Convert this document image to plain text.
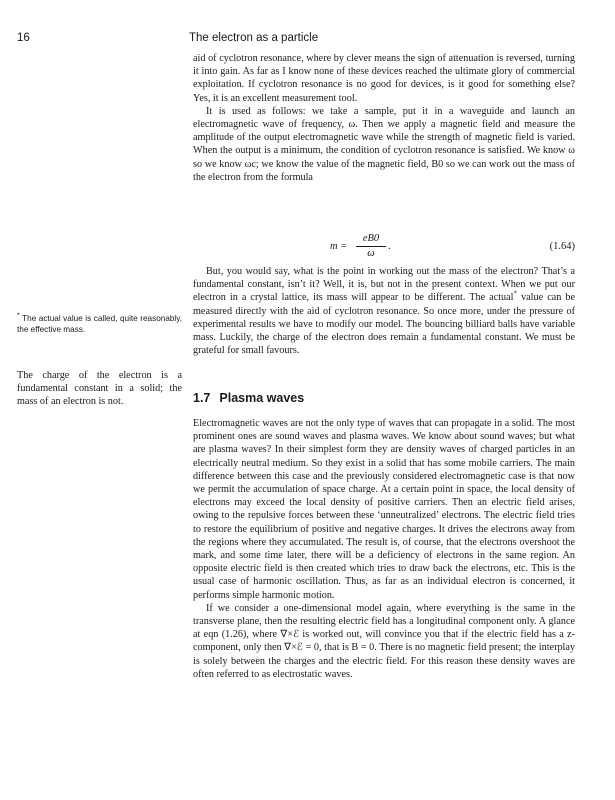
16	The electron as a particle

aid of cyclotron resonance, where by clever means the sign of attenuation is reversed, turning it into gain. As far as I know none of these devices reached the ultimate glory of commercial exploitation. If cyclotron resonance is no good for devices, is it good for something else? Yes, it is an excellent measurement tool.

It is used as follows: we take a sample, put it in a waveguide and launch an electromagnetic wave of frequency, ω. Then we apply a magnetic field and measure the amplitude of the output electromagnetic wave while the strength of magnetic field is varied. When the output is a minimum, the condition of cyclotron resonance is satisfied. We know ω so we know ωc; we know the value of the magnetic field, B0 so we can work out the mass of the electron from the formula

m =
eB0
ω
.	(1.64)

But, you would say, what is the point in working out the mass of the electron? That’s a fundamental constant, isn’t it? Well, it is, but not in the present context. When we put our electron in a crystal lattice, its mass will appear to be different. The actual* value can be measured directly with the aid of cyclotron resonance. So once more, under the pressure of experimental results we have to modify our model. The bouncing billiard balls have variable mass. Luckily, the charge of the electron does remain a fundamental constant. We must be grateful for small favours.

1.7 Plasma waves

Electromagnetic waves are not the only type of waves that can propagate in a solid. The most prominent ones are sound waves and plasma waves. We know about sound waves; but what are plasma waves? In their simplest form they are density waves of charged particles in an electrically neutral medium. So they exist in a solid that has some mobile carriers. The main difference between this case and the previously considered electromagnetic case is that now we permit the accumulation of space charge. At a certain point in space, the local density of electrons may exceed the local density of positive carriers. Then an electric field arises, owing to the repulsive forces between these ‘unneutralized’ electrons. The electric field tries to restore the equilibrium of positive and negative charges. It drives the electrons away from the regions where they accumulated. The result is, of course, that the electrons overshoot the mark, and some time later, there will be a deficiency of electrons in the same region. An opposite electric field is then created which tries to draw back the electrons, etc. This is the usual case of harmonic oscillation. Thus, as far as an individual electron is concerned, it performs simple harmonic motion.

If we consider a one-dimensional model again, where everything is the same in the transverse plane, then the resulting electric field has a longitudinal component only. A glance at eqn (1.26), where ∇×ℰ is worked out, will convince you that if the electric field has a z-component, only then ∇×ℰ = 0, that is B = 0. There is no magnetic field present; the interplay is solely between the charges and the electric field. For this reason these density waves are often referred to as electrostatic waves.

* The actual value is called, quite reasonably, the effective mass.

The charge of the electron is a fundamental constant in a solid; the mass of an electron is not.
